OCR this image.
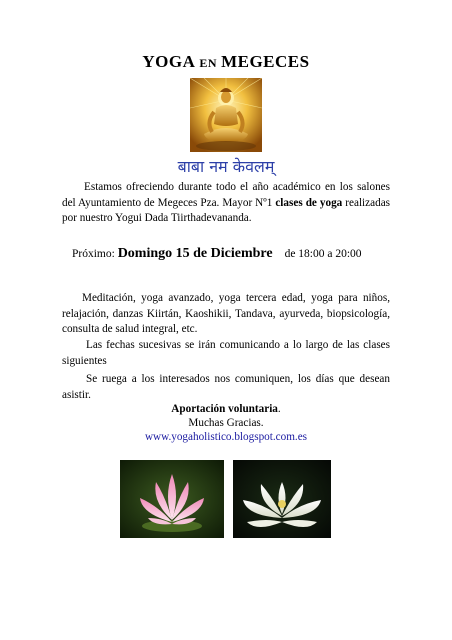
YOGA EN MEGECES
बाबा नम केवलम्
Estamos ofreciendo durante todo el año académico en los salones del Ayuntamiento de Megeces Pza. Mayor Nº1 clases de yoga realizadas por nuestro Yogui Dada Tiirthadevananda.
Próximo: Domingo 15 de Diciembre de 18:00 a 20:00
Meditación, yoga avanzado, yoga tercera edad, yoga para niños, relajación, danzas Kiirtán, Kaoshikii, Tandava, ayurveda, biopsicología, consulta de salud integral, etc.
Las fechas sucesivas se irán comunicando a lo largo de las clases siguientes
Se ruega a los interesados nos comuniquen, los días que desean asistir.
Aportación voluntaria.
Muchas Gracias.
www.yogaholistico.blogspot.com.es
